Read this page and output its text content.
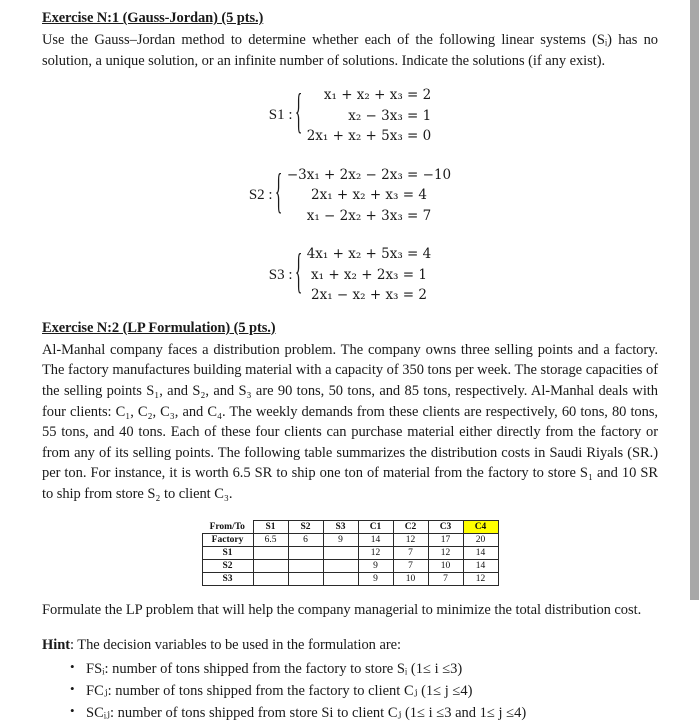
Exercise N:1 (Gauss-Jordan) (5 pts.)

Use the Gauss–Jordan method to determine whether each of the following linear systems (Sᵢ) has no solution, a unique solution, or an infinite number of solutions. Indicate the solutions (if any exist).

S1 : {	x₁ + x₂ + x₃ = 2
x₂ − 3x₃ = 1
2x₁ + x₂ + 5x₃ = 0
S2 : { −3x₁ + 2x₂ − 2x₃ = −10
2x₁ + x₂ + x₃ = 4
x₁ − 2x₂ + 3x₃ = 7
S3 : { 4x₁ + x₂ + 5x₃ = 4
x₁ + x₂ + 2x₃ = 1
2x₁ − x₂ + x₃ = 2
Exercise N:2 (LP Formulation) (5 pts.)

Al-Manhal company faces a distribution problem. The company owns three selling points and a factory. The factory manufactures building material with a capacity of 350 tons per week. The storage capacities of the selling points S₁, and S₂, and S₃ are 90 tons, 50 tons, and 85 tons, respectively. Al-Manhal deals with four clients: C₁, C₂, C₃, and C₄. The weekly demands from these clients are respectively, 60 tons, 80 tons, 55 tons, and 40 tons. Each of these four clients can purchase material either directly from the factory or from any of its selling points. The following table summarizes the distribution costs in Saudi Riyals (SR.) per ton. For instance, it is worth 6.5 SR to ship one ton of material from the factory to store S₁ and 10 SR to ship from store S₂ to client C₃.

From/To	S1	S2	S3	C1	C2	C3	C4
Factory	6.5	6	9	14	12	17	20
S1				12	7	12	14
S2				9	7	10	14
S3				9	10	7	12

Formulate the LP problem that will help the company managerial to minimize the total distribution cost.

Hint: The decision variables to be used in the formulation are:

• FSᵢ: number of tons shipped from the factory to store Sᵢ (1≤ i ≤3)
• FCⱼ: number of tons shipped from the factory to client Cⱼ (1≤ j ≤4)
• SCᵢⱼ: number of tons shipped from store Si to client Cⱼ (1≤ i ≤3 and 1≤ j ≤4)
